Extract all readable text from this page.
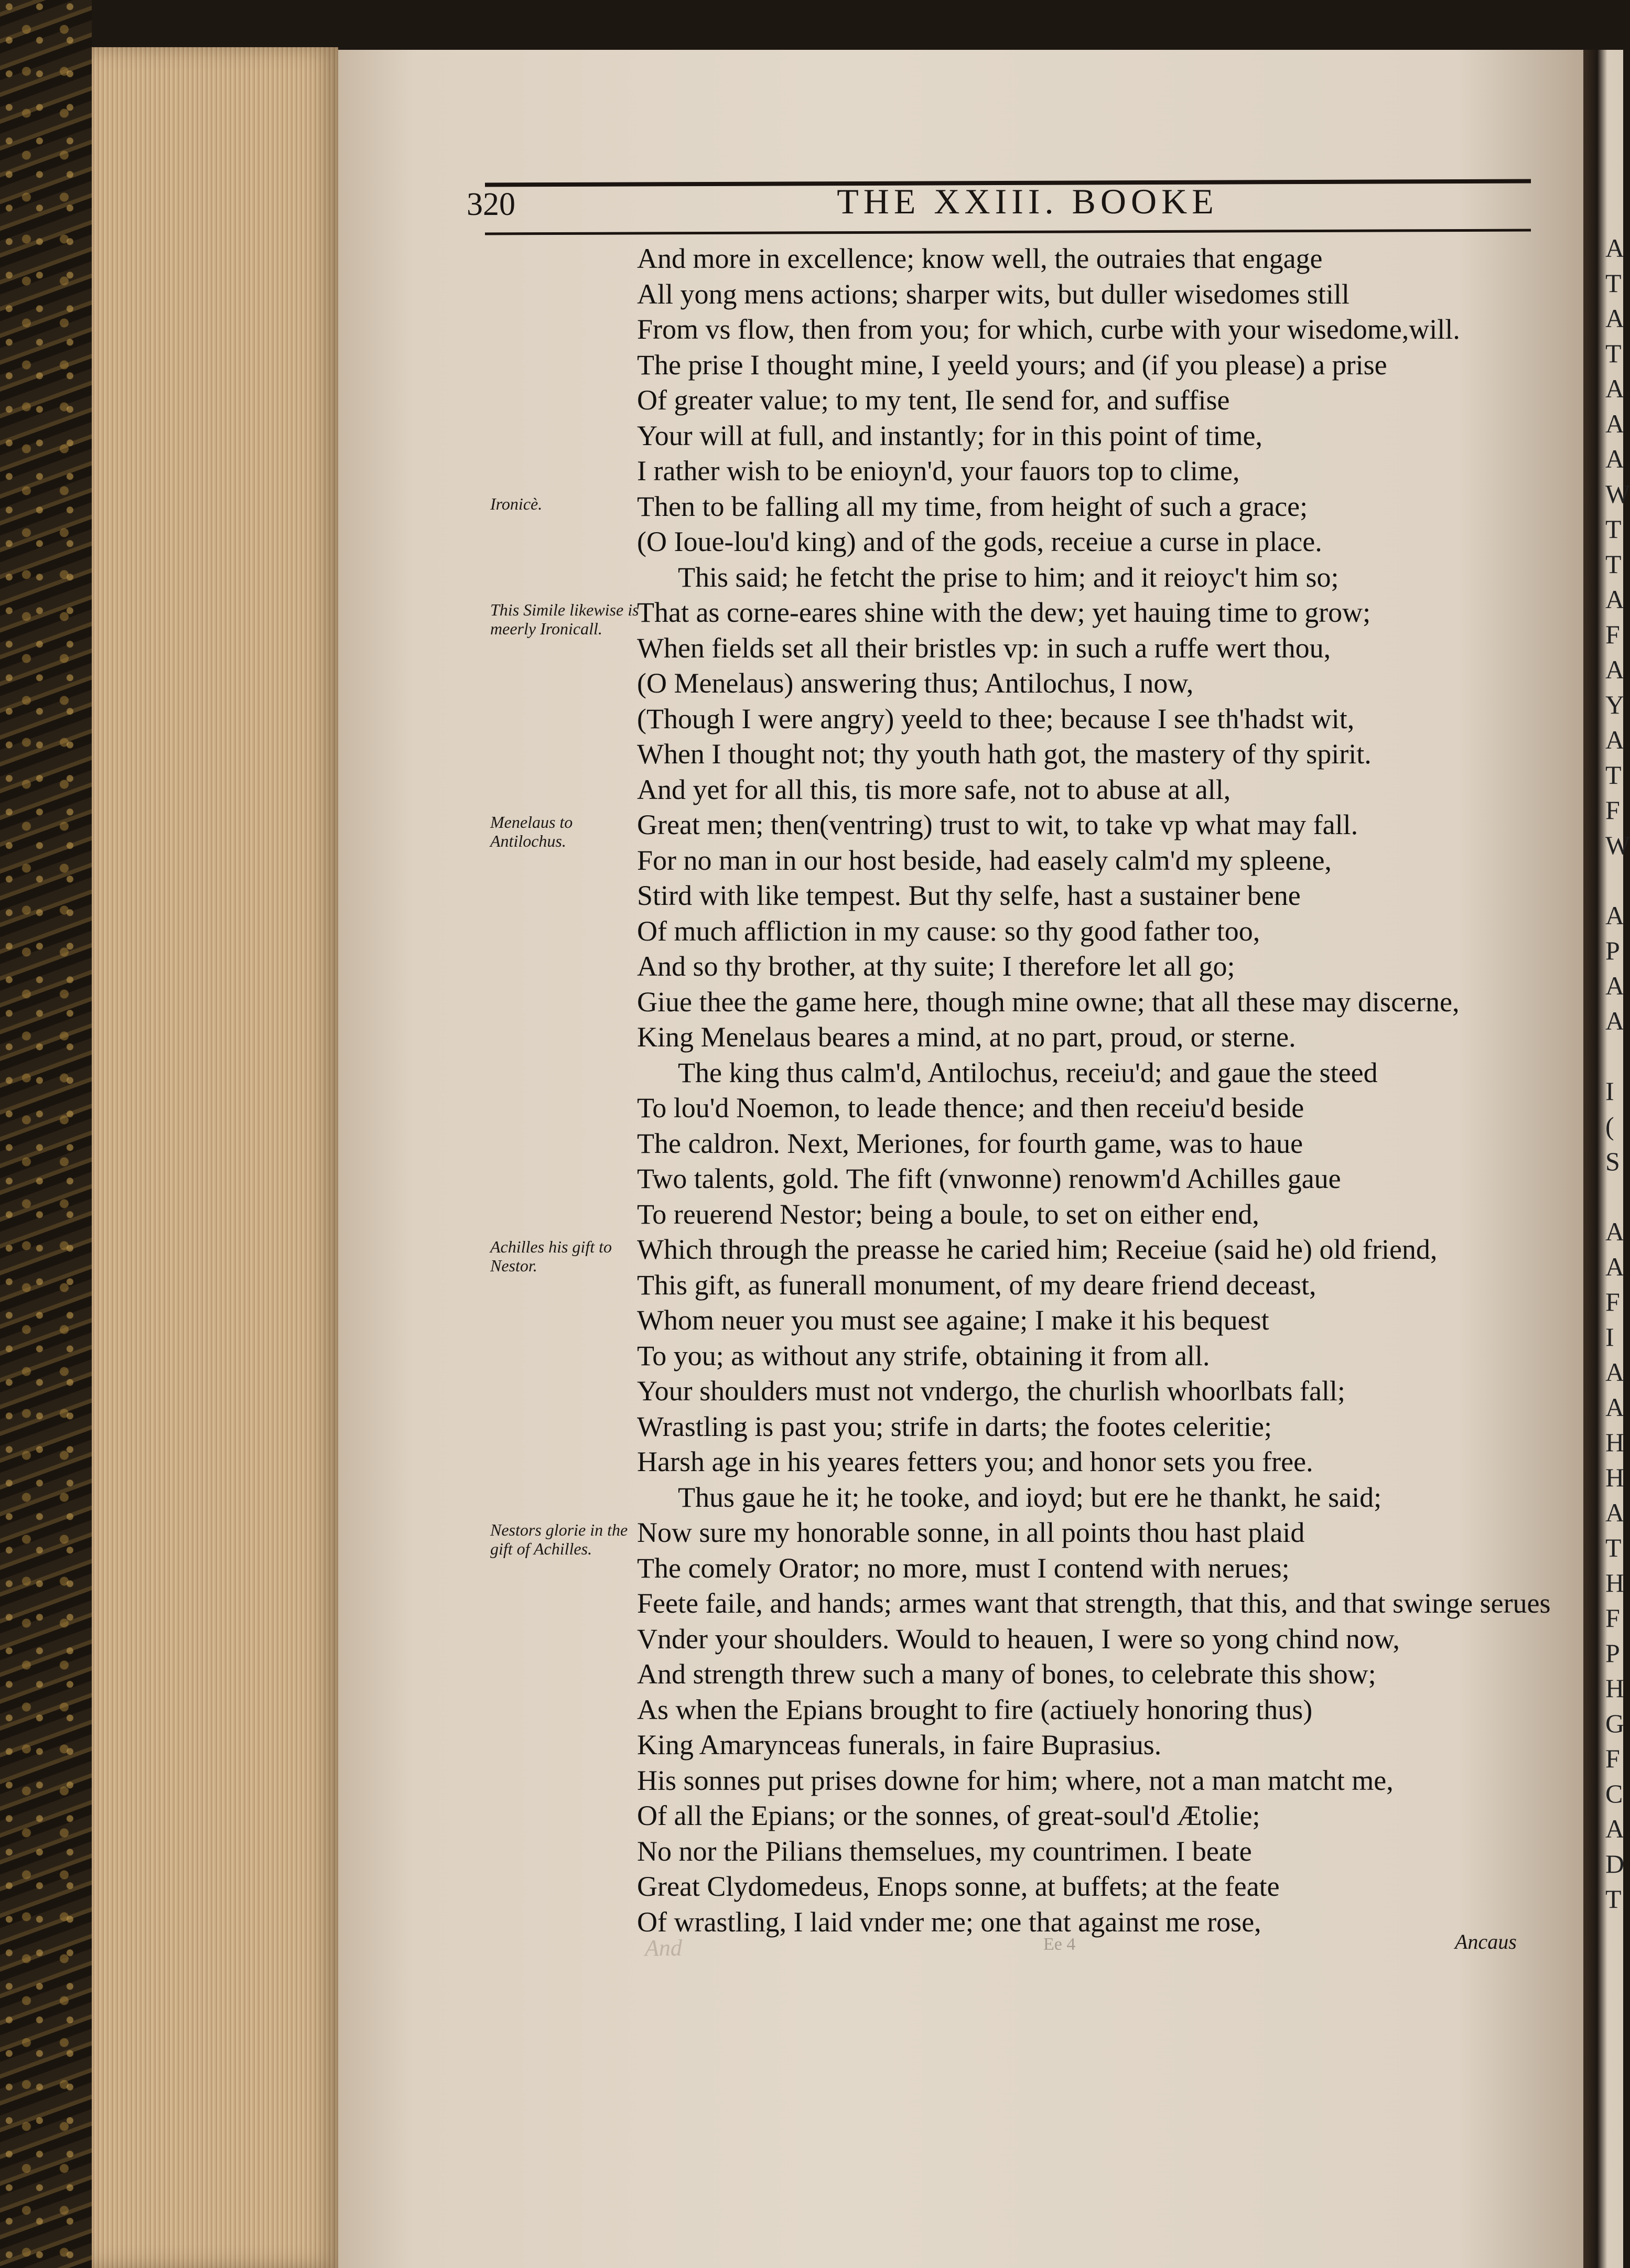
A
T
A
T
A
A
A
W
T
T
A
F
A
Y
A
T
F
W
A
P
A
A
I
(
S
A
A
F
I
A
A
H
H
A
T
H
F
P
H
G
F
C
A
D
T
320	THE XXIII. BOOKE
And more in excellence; know well, the outraies that engage
All yong mens actions; sharper wits, but duller wisedomes still
From vs flow, then from you; for which, curbe with your wisedome,will.
The prise I thought mine, I yeeld yours; and (if you please) a prise
Of greater value; to my tent, Ile send for, and suffise
Your will at full, and instantly; for in this point of time,
I rather wish to be enioyn'd, your fauors top to clime,
Then to be falling all my time, from height of such a grace;
(O Ioue-lou'd king) and of the gods, receiue a curse in place.
This said; he fetcht the prise to him; and it reioyc't him so;
That as corne-eares shine with the dew; yet hauing time to grow;
When fields set all their bristles vp: in such a ruffe wert thou,
(O Menelaus) answering thus; Antilochus, I now,
(Though I were angry) yeeld to thee; because I see th'hadst wit,
When I thought not; thy youth hath got, the mastery of thy spirit.
And yet for all this, tis more safe, not to abuse at all,
Great men; then(ventring) trust to wit, to take vp what may fall.
For no man in our host beside, had easely calm'd my spleene,
Stird with like tempest. But thy selfe, hast a sustainer bene
Of much affliction in my cause: so thy good father too,
And so thy brother, at thy suite; I therefore let all go;
Giue thee the game here, though mine owne; that all these may discerne,
King Menelaus beares a mind, at no part, proud, or sterne.
The king thus calm'd, Antilochus, receiu'd; and gaue the steed
To lou'd Noemon, to leade thence; and then receiu'd beside
The caldron. Next, Meriones, for fourth game, was to haue
Two talents, gold. The fift (vnwonne) renowm'd Achilles gaue
To reuerend Nestor; being a boule, to set on either end,
Which through the preasse he caried him; Receiue (said he) old friend,
This gift, as funerall monument, of my deare friend deceast,
Whom neuer you must see againe; I make it his bequest
To you; as without any strife, obtaining it from all.
Your shoulders must not vndergo, the churlish whoorlbats fall;
Wrastling is past you; strife in darts; the footes celeritie;
Harsh age in his yeares fetters you; and honor sets you free.
Thus gaue he it; he tooke, and ioyd; but ere he thankt, he said;
Now sure my honorable sonne, in all points thou hast plaid
The comely Orator; no more, must I contend with nerues;
Feete faile, and hands; armes want that strength, that this, and that swinge serues
Vnder your shoulders. Would to heauen, I were so yong chind now,
And strength threw such a many of bones, to celebrate this show;
As when the Epians brought to fire (actiuely honoring thus)
King Amarynceas funerals, in faire Buprasius.
His sonnes put prises downe for him; where, not a man matcht me,
Of all the Epians; or the sonnes, of great-soul'd Ætolie;
No nor the Pilians themselues, my countrimen. I beate
Great Clydomedeus, Enops sonne, at buffets; at the feate
Of wrastling, I laid vnder me; one that against me rose,
Ironicè.
This Simile likewise is meerly Ironicall.
Menelaus to Antilochus.
Achilles his gift to Nestor.
Nestors glorie in the gift of Achilles.
And	Ee 4	Ancaus
